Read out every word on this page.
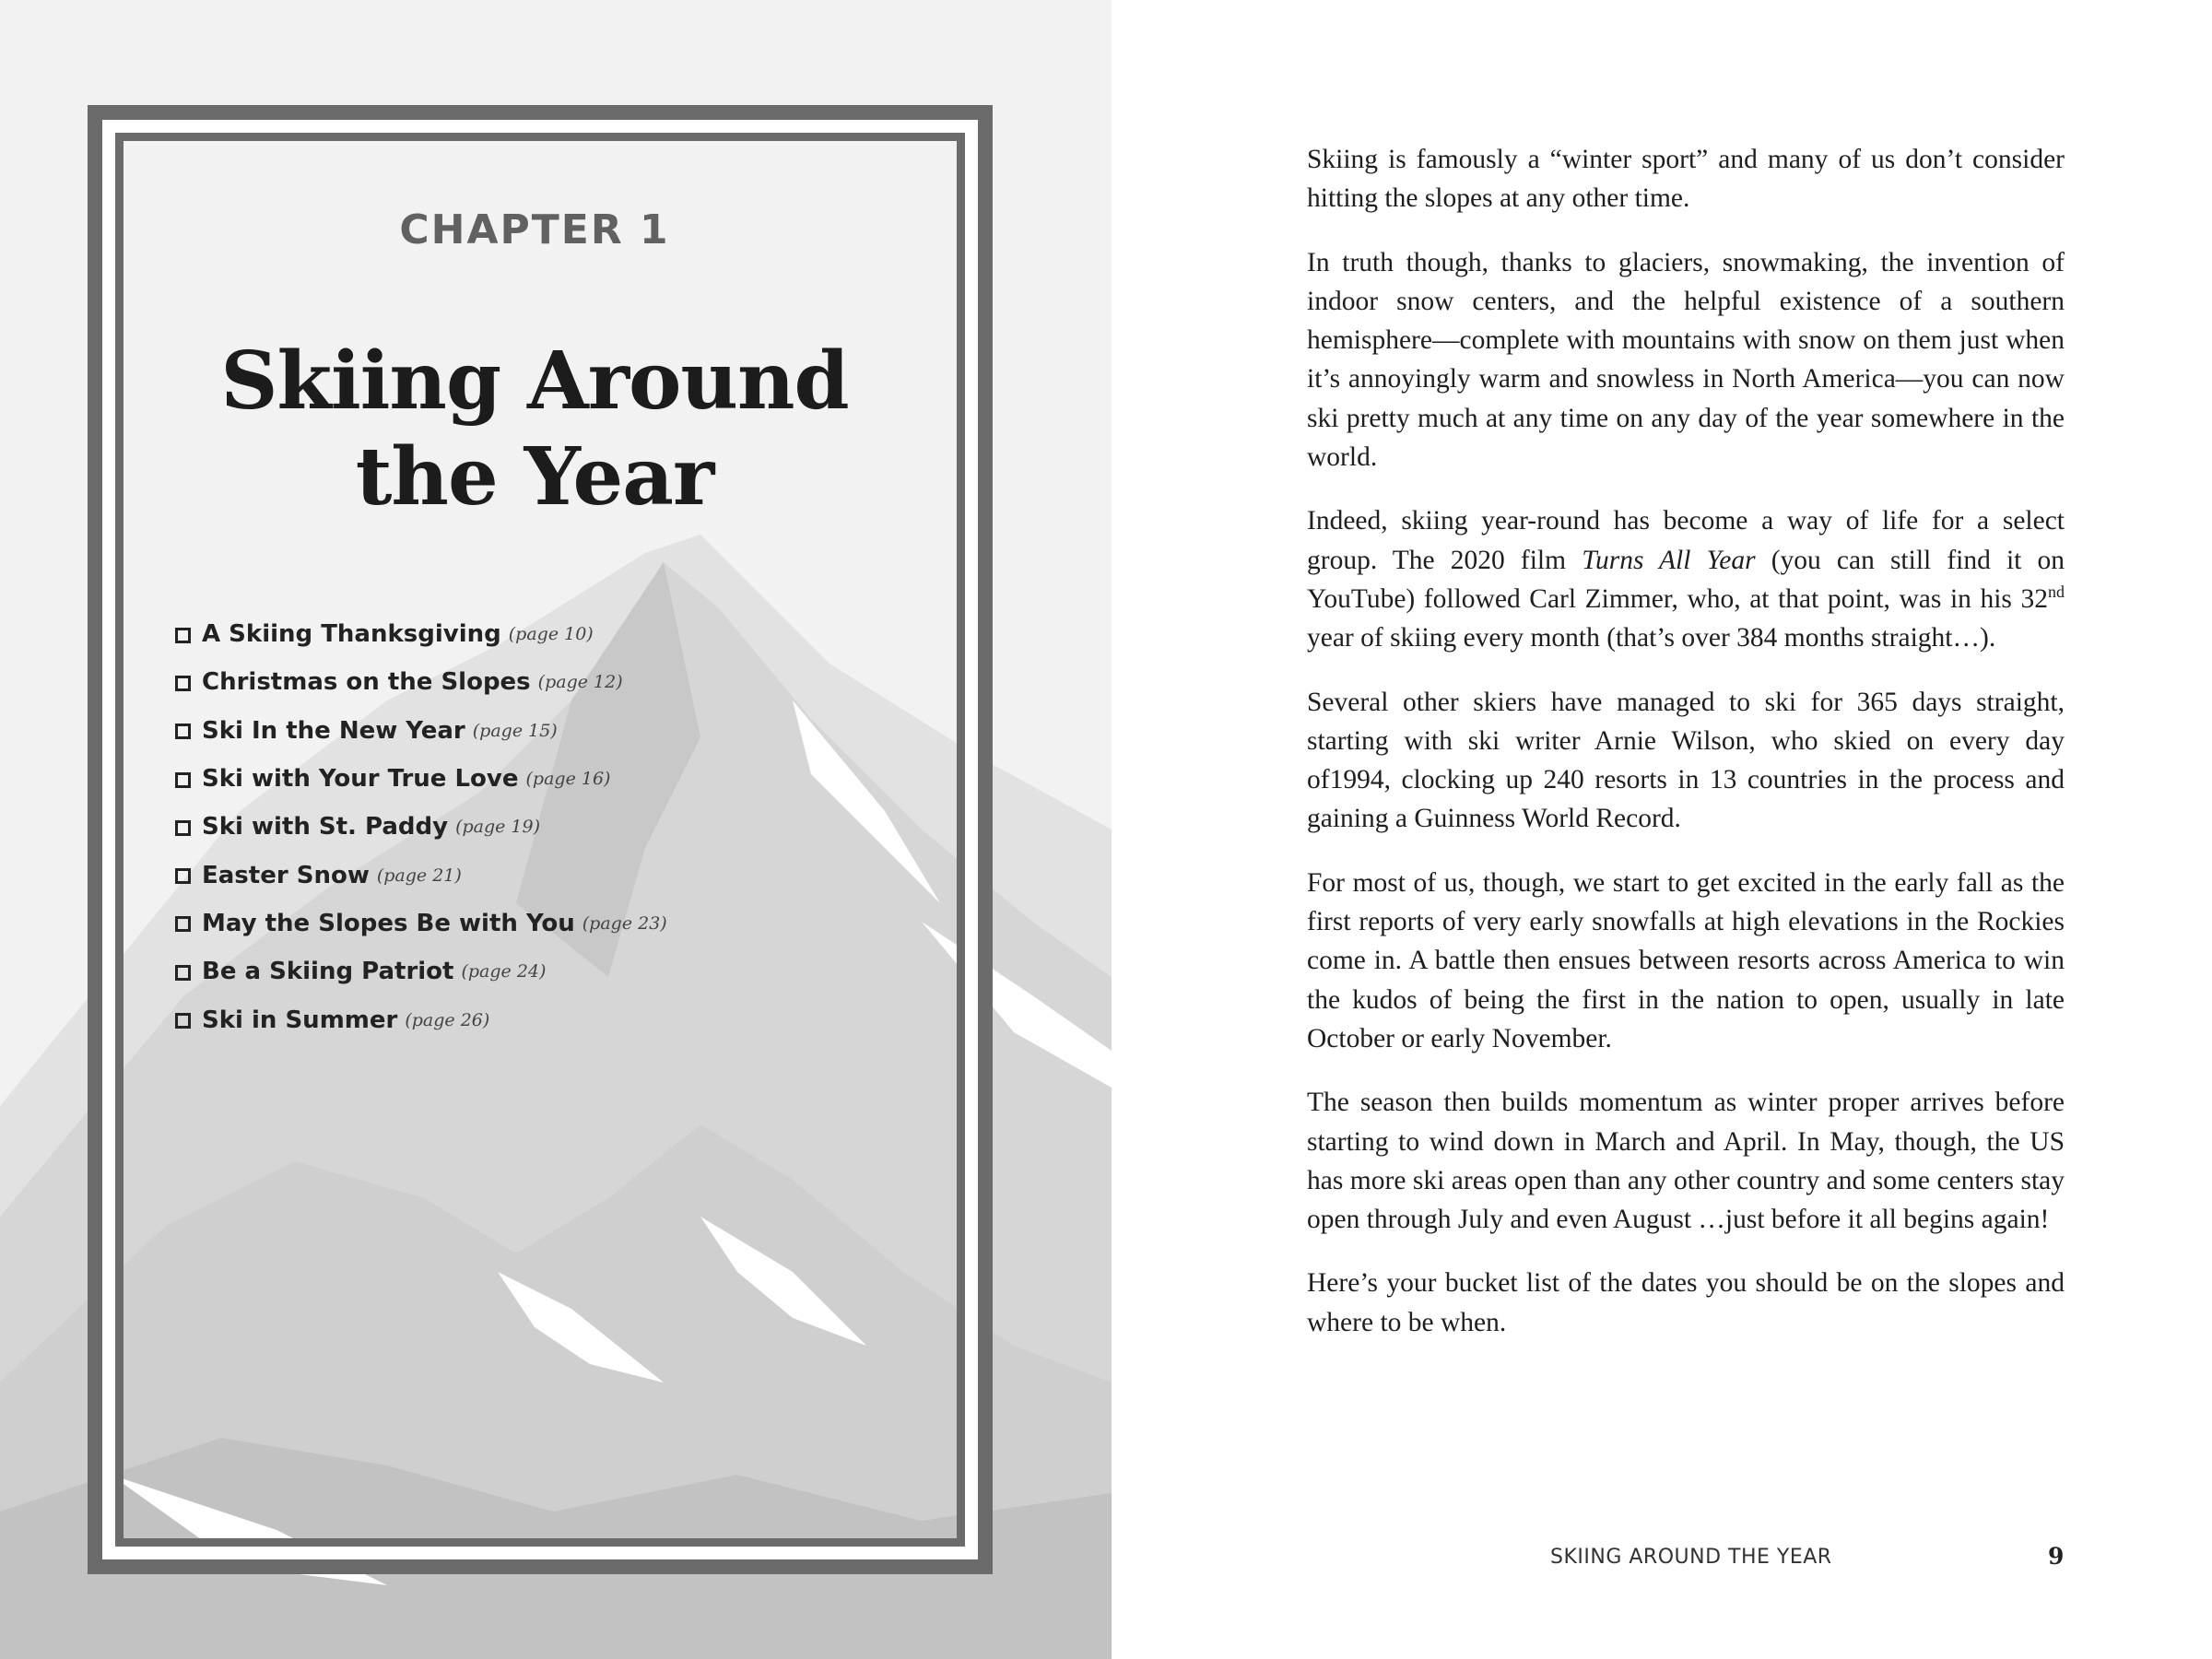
CHAPTER 1
Skiing Around
the Year
A Skiing Thanksgiving (page 10)
Christmas on the Slopes (page 12)
Ski In the New Year (page 15)
Ski with Your True Love (page 16)
Ski with St. Paddy (page 19)
Easter Snow (page 21)
May the Slopes Be with You (page 23)
Be a Skiing Patriot (page 24)
Ski in Summer (page 26)

Skiing is famously a “winter sport” and many of us don’t consider hitting the slopes at any other time.

In truth though, thanks to glaciers, snowmaking, the invention of indoor snow centers, and the helpful existence of a southern hemisphere—complete with mountains with snow on them just when it’s annoyingly warm and snowless in North America—you can now ski pretty much at any time on any day of the year somewhere in the world.

Indeed, skiing year-round has become a way of life for a select group. The 2020 film Turns All Year (you can still find it on YouTube) followed Carl Zimmer, who, at that point, was in his 32nd year of skiing every month (that’s over 384 months straight…).

Several other skiers have managed to ski for 365 days straight, starting with ski writer Arnie Wilson, who skied on every day of1994, clocking up 240 resorts in 13 countries in the process and gaining a Guinness World Record.

For most of us, though, we start to get excited in the early fall as the first reports of very early snowfalls at high elevations in the Rockies come in. A battle then ensues between resorts across America to win the kudos of being the first in the nation to open, usually in late October or early November.

The season then builds momentum as winter proper arrives before starting to wind down in March and April. In May, though, the US has more ski areas open than any other country and some centers stay open through July and even August …just before it all begins again!

Here’s your bucket list of the dates you should be on the slopes and where to be when.

SKIING AROUND THE YEAR	9
